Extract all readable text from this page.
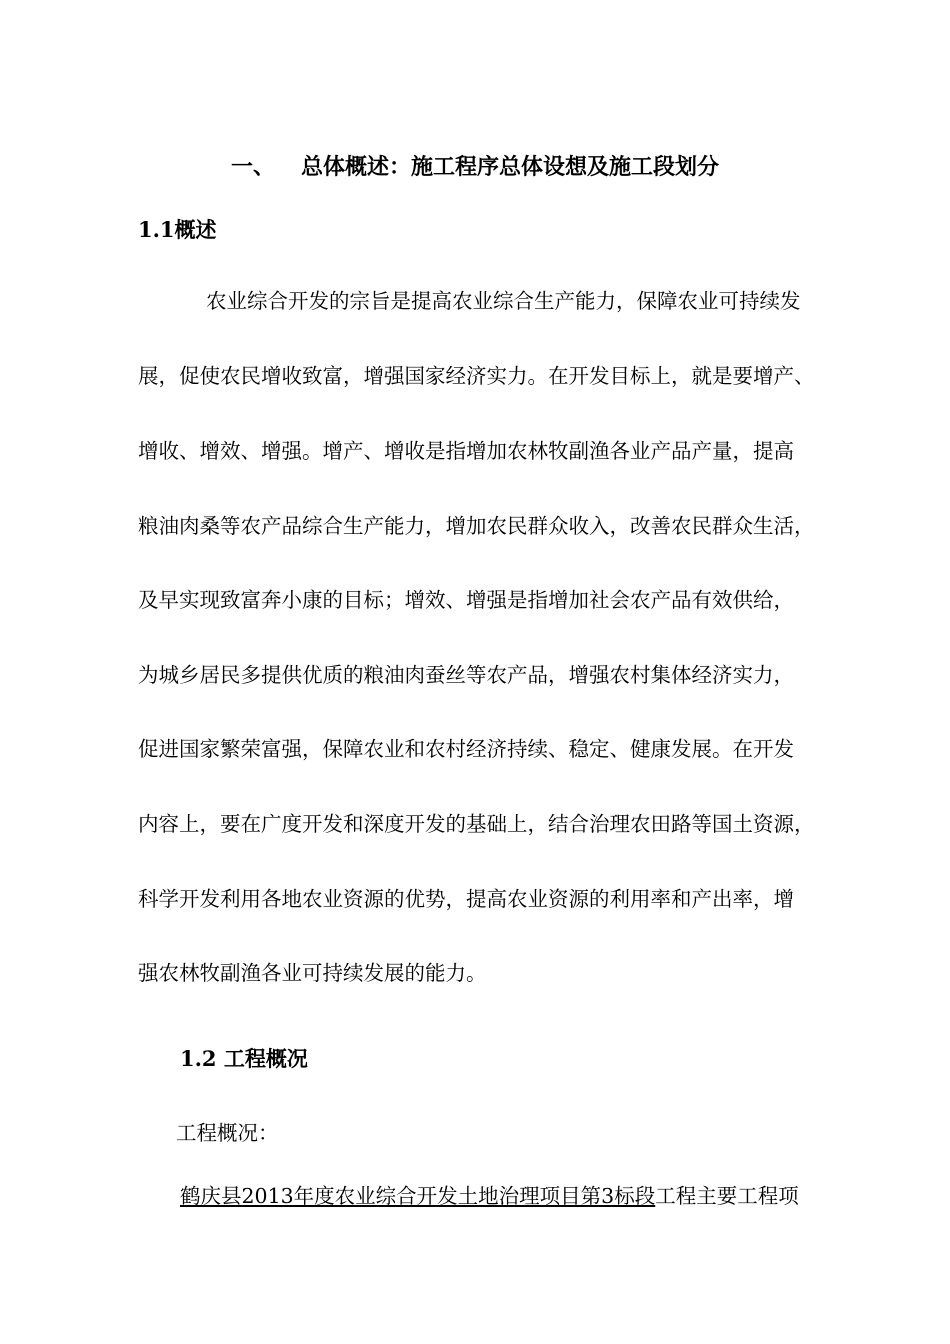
一、 总体概述：施工程序总体设想及施工段划分
1.1概述
农业综合开发的宗旨是提高农业综合生产能力，保障农业可持续发
展，促使农民增收致富，增强国家经济实力。在开发目标上，就是要增产、
增收、增效、增强。增产、增收是指增加农林牧副渔各业产品产量，提高
粮油肉桑等农产品综合生产能力，增加农民群众收入，改善农民群众生活，
及早实现致富奔小康的目标；增效、增强是指增加社会农产品有效供给，
为城乡居民多提供优质的粮油肉蚕丝等农产品，增强农村集体经济实力，
促进国家繁荣富强，保障农业和农村经济持续、稳定、健康发展。在开发
内容上，要在广度开发和深度开发的基础上，结合治理农田路等国土资源，
科学开发利用各地农业资源的优势，提高农业资源的利用率和产出率，增
强农林牧副渔各业可持续发展的能力。
1.2 工程概况
工程概况：
鹤庆县2013年度农业综合开发土地治理项目第3标段工程主要工程项
